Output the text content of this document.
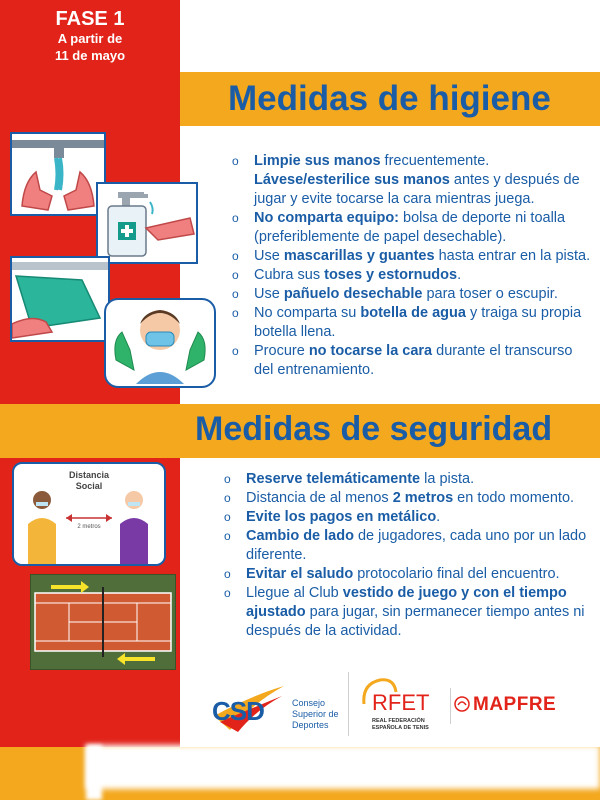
FASE 1
A partir de
11 de mayo
Medidas de higiene
o Limpie sus manos frecuentemente.
Lávese/esterilice sus manos antes y después de jugar y evite tocarse la cara mientras juega.
o No comparta equipo: bolsa de deporte ni toalla (preferiblemente de papel desechable).
o Use mascarillas y guantes hasta entrar en la pista.
o Cubra sus toses y estornudos.
o Use pañuelo desechable para toser o escupir.
o No comparta su botella de agua y traiga su propia botella llena.
o Procure no tocarse la cara durante el transcurso del entrenamiento.
Medidas de seguridad
Distancia
Social
2 metros
o Reserve telemáticamente la pista.
o Distancia de al menos 2 metros en todo momento.
o Evite los pagos en metálico.
o Cambio de lado de jugadores, cada uno por un lado diferente.
o Evitar el saludo protocolario final del encuentro.
o Llegue al Club vestido de juego y con el tiempo ajustado para jugar, sin permanecer tiempo antes ni después de la actividad.
CSD	Consejo
Superior de
Deportes
RFET
REAL FEDERACIÓN
ESPAÑOLA DE TENIS
MAPFRE
